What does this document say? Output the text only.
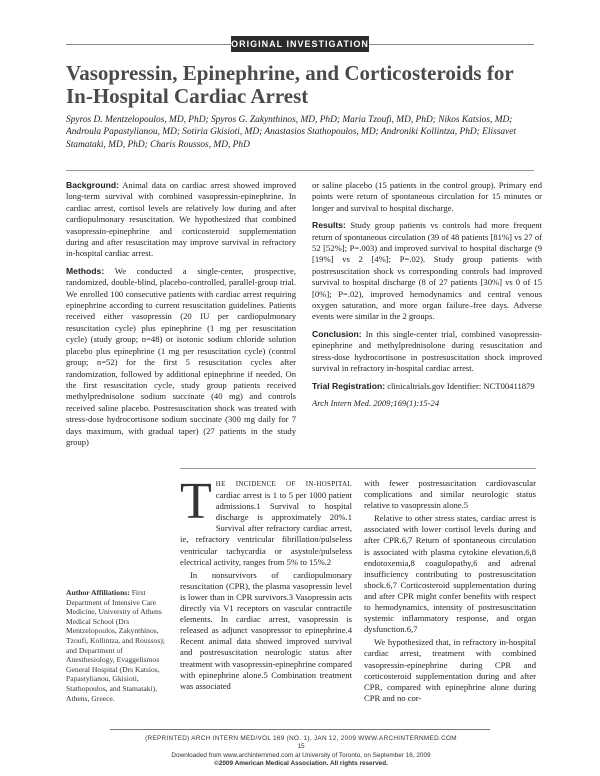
ORIGINAL INVESTIGATION
Vasopressin, Epinephrine, and Corticosteroids for In-Hospital Cardiac Arrest
Spyros D. Mentzelopoulos, MD, PhD; Spyros G. Zakynthinos, MD, PhD; Maria Tzoufi, MD, PhD; Nikos Katsios, MD; Androula Papastylianou, MD; Sotiria Gkisioti, MD; Anastasios Stathopoulos, MD; Androniki Kollintza, PhD; Elissavet Stamataki, MD, PhD; Charis Roussos, MD, PhD

Background: Animal data on cardiac arrest showed improved long-term survival with combined vasopressin-epinephrine. In cardiac arrest, cortisol levels are relatively low during and after cardiopulmonary resuscitation. We hypothesized that combined vasopressin-epinephrine and corticosteroid supplementation during and after resuscitation may improve survival in refractory in-hospital cardiac arrest.

Methods: We conducted a single-center, prospective, randomized, double-blind, placebo-controlled, parallel-group trial. We enrolled 100 consecutive patients with cardiac arrest requiring epinephrine according to current resuscitation guidelines. Patients received either vasopressin (20 IU per cardiopulmonary resuscitation cycle) plus epinephrine (1 mg per resuscitation cycle) (study group; n=48) or isotonic sodium chloride solution placebo plus epinephrine (1 mg per resuscitation cycle) (control group; n=52) for the first 5 resuscitation cycles after randomization, followed by additional epinephrine if needed. On the first resuscitation cycle, study group patients received methylprednisolone sodium succinate (40 mg) and controls received saline placebo. Postresuscitation shock was treated with stress-dose hydrocortisone sodium succinate (300 mg daily for 7 days maximum, with gradual taper) (27 patients in the study group)

or saline placebo (15 patients in the control group). Primary end points were return of spontaneous circulation for 15 minutes or longer and survival to hospital discharge.

Results: Study group patients vs controls had more frequent return of spontaneous circulation (39 of 48 patients [81%] vs 27 of 52 [52%]; P=.003) and improved survival to hospital discharge (9 [19%] vs 2 [4%]; P=.02). Study group patients with postresuscitation shock vs corresponding controls had improved survival to hospital discharge (8 of 27 patients [30%] vs 0 of 15 [0%]; P=.02), improved hemodynamics and central venous oxygen saturation, and more organ failure–free days. Adverse events were similar in the 2 groups.

Conclusion: In this single-center trial, combined vasopressin-epinephrine and methylprednisolone during resuscitation and stress-dose hydrocortisone in postresuscitation shock improved survival in refractory in-hospital cardiac arrest.

Trial Registration: clinicaltrials.gov Identifier: NCT00411879

Arch Intern Med. 2009;169(1):15-24

Author Affiliations: First Department of Intensive Care Medicine, University of Athens Medical School (Drs Mentzelopoulos, Zakynthinos, Tzoufi, Kollintza, and Roussos); and Department of Anesthesiology, Evaggelismos General Hospital (Drs Katsios, Papastylianou, Gkisioti, Stathopoulos, and Stamataki), Athens, Greece.

T HE INCIDENCE OF IN-HOSPITAL cardiac arrest is 1 to 5 per 1000 patient admissions.1 Survival to hospital discharge is approximately 20%.1 Survival after refractory cardiac arrest, ie, refractory ventricular fibrillation/pulseless ventricular tachycardia or asystole/pulseless electrical activity, ranges from 5% to 15%.2

In nonsurvivors of cardiopulmonary resuscitation (CPR), the plasma vasopressin level is lower than in CPR survivors.3 Vasopressin acts directly via V1 receptors on vascular contractile elements. In cardiac arrest, vasopressin is released as adjunct vasopressor to epinephrine.4 Recent animal data showed improved survival and postresuscitation neurologic status after treatment with vasopressin-epinephrine compared with epinephrine alone.5 Combination treatment was associated

with fewer postresuscitation cardiovascular complications and similar neurologic status relative to vasopressin alone.5

Relative to other stress states, cardiac arrest is associated with lower cortisol levels during and after CPR.6,7 Return of spontaneous circulation is associated with plasma cytokine elevation,6,8 endotoxemia,8 coagulopathy,6 and adrenal insufficiency contributing to postresuscitation shock.6,7 Corticosteroid supplementation during and after CPR might confer benefits with respect to hemodynamics, intensity of postresuscitation systemic inflammatory response, and organ dysfunction.6,7

We hypothesized that, in refractory in-hospital cardiac arrest, treatment with combined vasopressin-epinephrine during CPR and corticosteroid supplementation during and after CPR, compared with epinephrine alone during CPR and no cor-

(REPRINTED) ARCH INTERN MED/VOL 169 (NO. 1), JAN 12, 2009 WWW.ARCHINTERNMED.COM
15
Downloaded from www.archinternmed.com at University of Toronto, on September 16, 2009
©2009 American Medical Association. All rights reserved.
